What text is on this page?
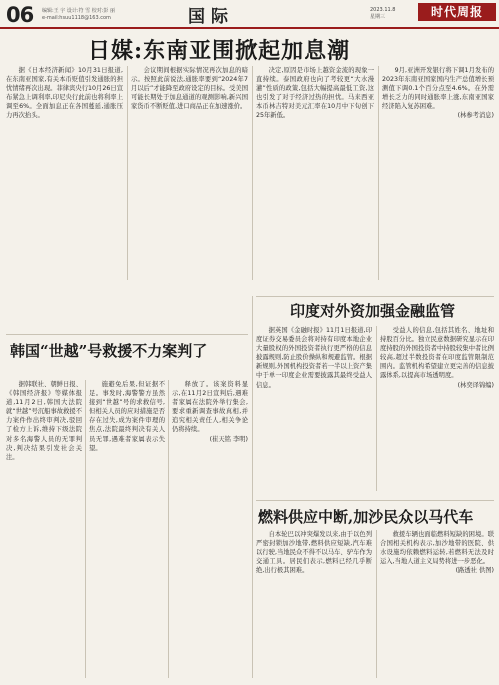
06 编辑:王 宇 设计:符 雪 校对:彭 丽
e-mail:hsuu1118@163.com	国际	2023.11.8
星期三	时代周报
日媒:东南亚围掀起加息潮

据《日本经济新闻》10月31日报道,在东南亚国家,有关本币贬值引发通胀的担忧情绪再次出现。菲律宾央行10月26日宣布紧急上调利率,印尼央行此前也将利率上调至6%。全面加息正在各国蔓延,通胀压力再次抬头。

会议期间根据实际情况再次加息的暗示。按照此前说法,通胀率要到“2024年7月以后”才能降至政府设定的目标。受美国可能长期处于加息通道的观测影响,新兴国家货币不断贬值,进口商品正在加速涨价。

决定,原因是市场上越资金流的现象一直持续。泰国政府也向了考较更“大水漫灌”性质的政策,包括大幅提高最低工资,这也引发了对于经济过热的担忧。马来西亚本币林吉特对美元汇率在10月中下旬创下25年新低。

9月,亚洲开发银行将下调1月发布的2023年东南亚国家国内生产总值增长预测值下调0.1个百分点至4.6%。在外需增长乏力的同时通胀率上涨,东南亚国家经济陷入复苏困难。

(林参考消息)
印度对外资加强金融监管

据英国《金融时报》11月1日报道,印度证券交易委员会将对持有印度本地企业大量股权的外国投资者执行更严格的信息披露规则,防止股价操纵和规避监管。根据新规则,外国机构投资者若一半以上资产集中于单一印度企业需要披露其最终受益人信息。

受益人的信息,包括其姓名、地址和持股百分比。独立民意数据研究显示在印度持股的外国投资者中持股较集中者比例较高,超过半数投资者在印度监管限制范围内。监管机构希望建立更完善的信息披露体系,以提高市场透明度。

(林奕译锦编)
韩国“世越”号救援不力案判了

据韩联社、朝鲜日报、《韩国经济报》等媒体报道,11月2日,韩国大法院就“世越”号沉船事故救援不力案件作出终审判决,驳回了检方上诉,维持下级法院对多名海警人员的无罪判决,判决结果引发社会关注。

施避免后果,但证据不足。事发时,海警警方虽然接到“世越”号的求救信号,但相关人员的应对措施是否存在过失,成为案件审理的焦点,法院最终判决有关人员无罪,遇难者家属表示失望。

释放了。该案资料显示,在11月2日宣判后,遇难者家属在法院外举行集会,要求重新调查事故真相,并追究相关责任人,相关争论仍将持续。

(崔天铭 李明)
燃料供应中断,加沙民众以马代车

自本轮巴以冲突爆发以来,由于以色列严密封锁加沙地带,燃料供应短缺,汽车难以行驶,当地民众不得不以马车、驴车作为交通工具。居民们表示,燃料已经几乎断绝,出行极其困难。

救援车辆也面临燃料短缺的困境。联合国相关机构表示,加沙地带的医院、供水设施均依赖燃料运转,若燃料无法及时运入,当地人道主义局势将进一步恶化。

(路透社 供图)
